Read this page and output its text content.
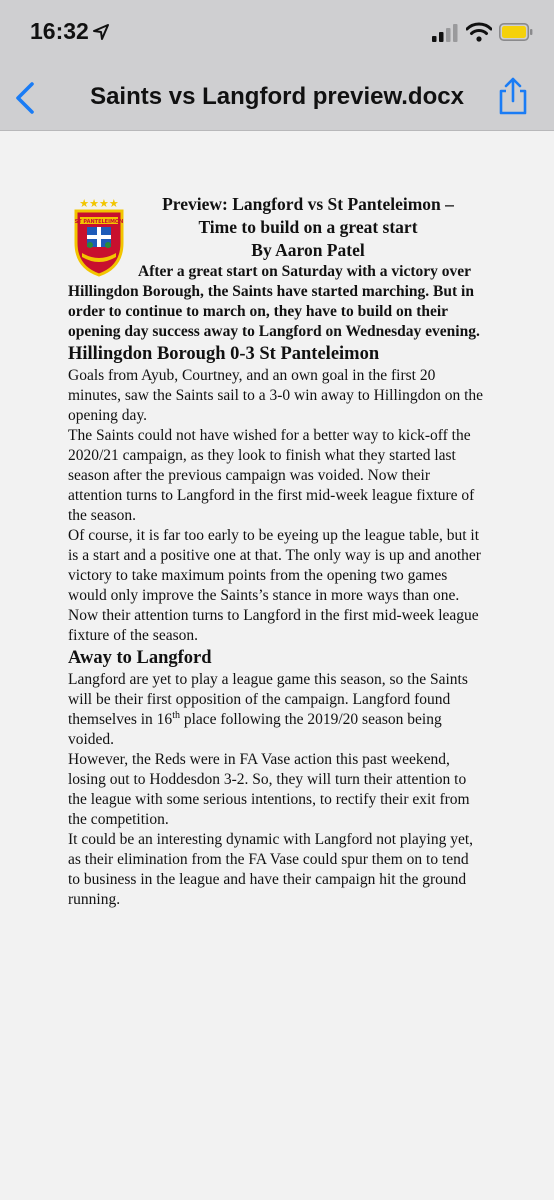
16:32
Saints vs Langford preview.docx
★★★★
ST PANTELEIMON

Preview: Langford vs St Panteleimon –
Time to build on a great start
By Aaron Patel

After a great start on Saturday with a victory over Hillingdon Borough, the Saints have started marching. But in order to continue to march on, they have to build on their opening day success away to Langford on Wednesday evening.

Hillingdon Borough 0-3 St Panteleimon

Goals from Ayub, Courtney, and an own goal in the first 20 minutes, saw the Saints sail to a 3-0 win away to Hillingdon on the opening day.

The Saints could not have wished for a better way to kick-off the 2020/21 campaign, as they look to finish what they started last season after the previous campaign was voided. Now their attention turns to Langford in the first mid-week league fixture of the season.

Of course, it is far too early to be eyeing up the league table, but it is a start and a positive one at that. The only way is up and another victory to take maximum points from the opening two games would only improve the Saints’s stance in more ways than one.

Now their attention turns to Langford in the first mid-week league fixture of the season.

Away to Langford

Langford are yet to play a league game this season, so the Saints will be their first opposition of the campaign. Langford found themselves in 16th place following the 2019/20 season being voided.

However, the Reds were in FA Vase action this past weekend, losing out to Hoddesdon 3-2. So, they will turn their attention to the league with some serious intentions, to rectify their exit from the competition.

It could be an interesting dynamic with Langford not playing yet, as their elimination from the FA Vase could spur them on to tend to business in the league and have their campaign hit the ground running.
